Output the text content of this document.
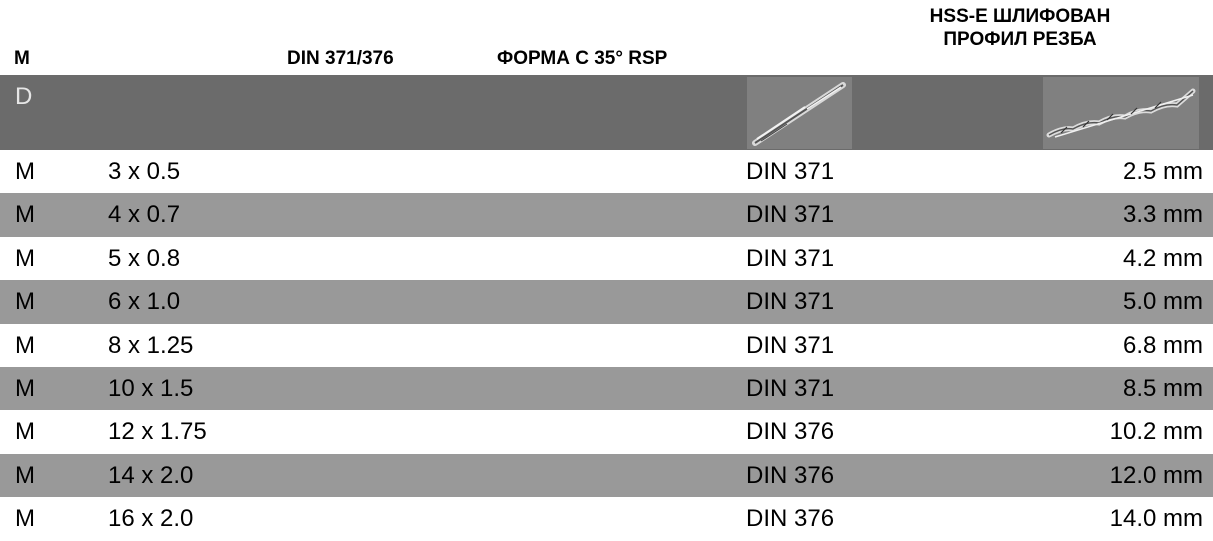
M	DIN 371/376	ФОРМА С 35° RSP
HSS-E ШЛИФОВАН
ПРОФИЛ РЕЗБА
D
M	3 x 0.5	DIN 371	2.5 mm
M	4 x 0.7	DIN 371	3.3 mm
M	5 x 0.8	DIN 371	4.2 mm
M	6 x 1.0	DIN 371	5.0 mm
M	8 x 1.25	DIN 371	6.8 mm
M	10 x 1.5	DIN 371	8.5 mm
M	12 x 1.75	DIN 376	10.2 mm
M	14 x 2.0	DIN 376	12.0 mm
M	16 x 2.0	DIN 376	14.0 mm
